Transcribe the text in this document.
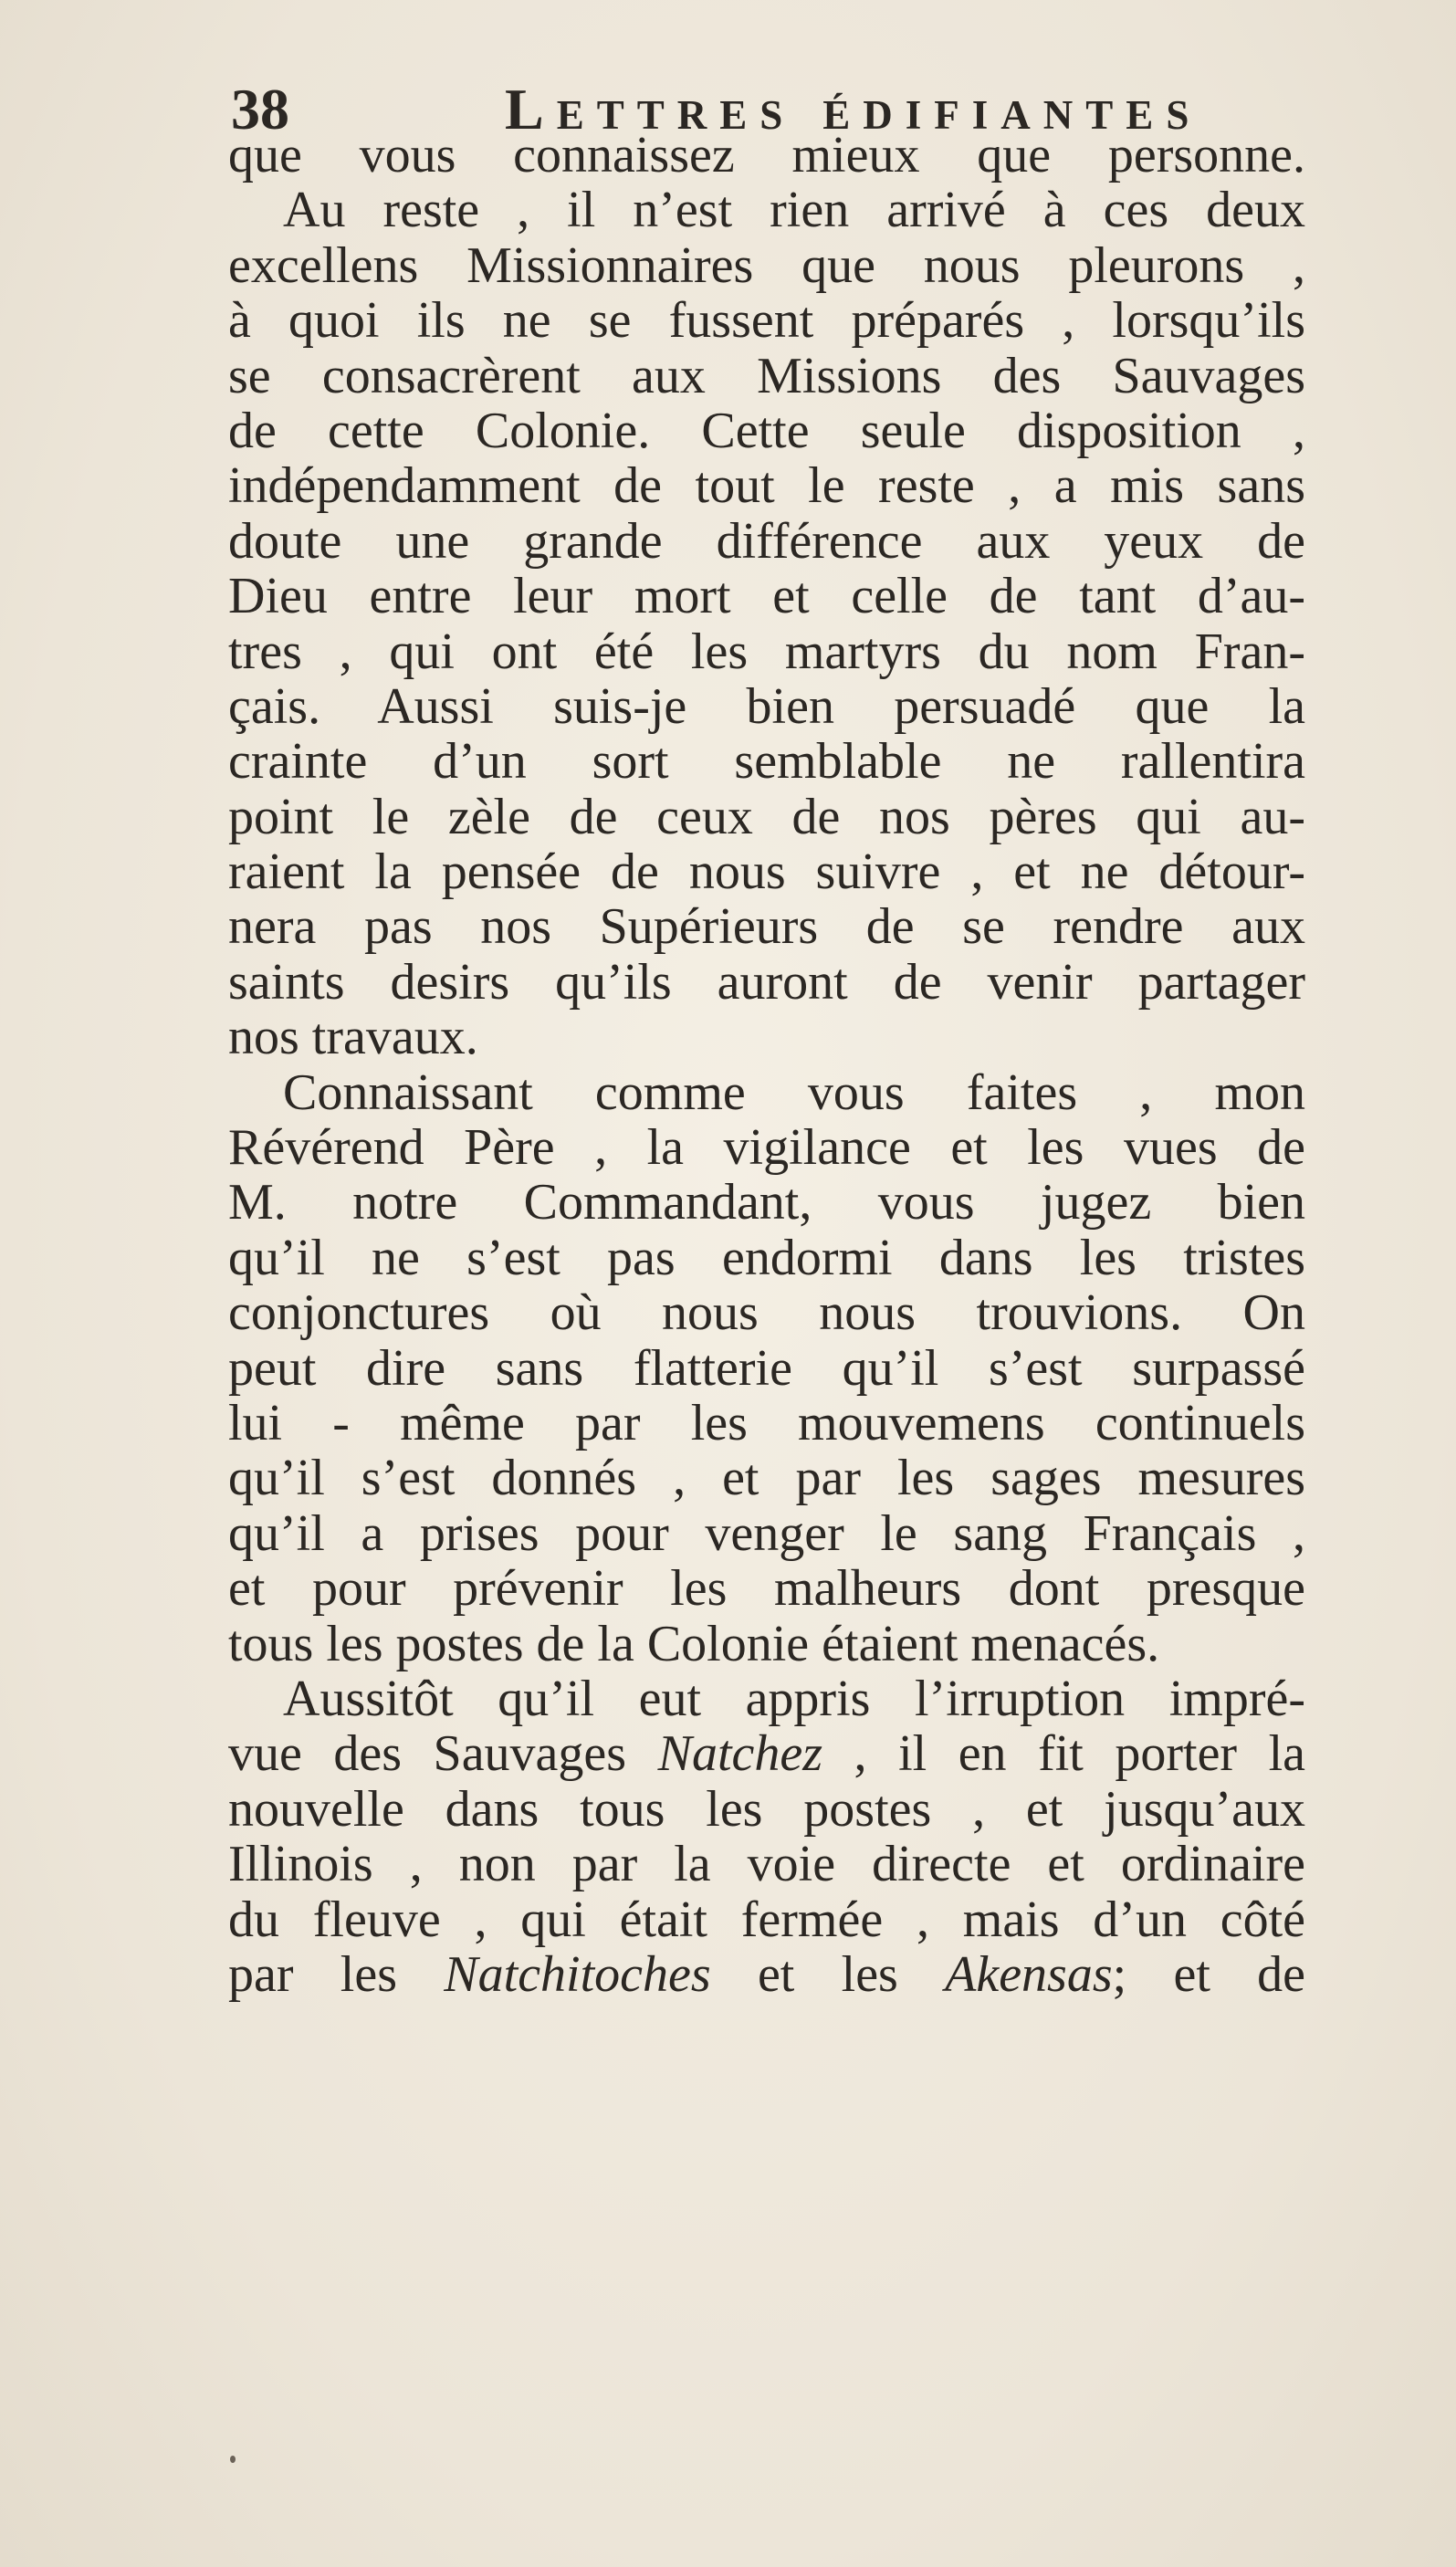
38	Lettres édifiantes
que vous connaissez mieux que personne.
Au reste , il n’est rien arrivé à ces deux
excellens Missionnaires que nous pleurons ,
à quoi ils ne se fussent préparés , lorsqu’ils
se consacrèrent aux Missions des Sauvages
de cette Colonie. Cette seule disposition ,
indépendamment de tout le reste , a mis sans
doute une grande différence aux yeux de
Dieu entre leur mort et celle de tant d’au-
tres , qui ont été les martyrs du nom Fran-
çais. Aussi suis-je bien persuadé que la
crainte d’un sort semblable ne rallentira
point le zèle de ceux de nos pères qui au-
raient la pensée de nous suivre , et ne détour-
nera pas nos Supérieurs de se rendre aux
saints desirs qu’ils auront de venir partager
nos travaux.
Connaissant comme vous faites , mon
Révérend Père , la vigilance et les vues de
M. notre Commandant, vous jugez bien
qu’il ne s’est pas endormi dans les tristes
conjonctures où nous nous trouvions. On
peut dire sans flatterie qu’il s’est surpassé
lui - même par les mouvemens continuels
qu’il s’est donnés , et par les sages mesures
qu’il a prises pour venger le sang Français ,
et pour prévenir les malheurs dont presque
tous les postes de la Colonie étaient menacés.
Aussitôt qu’il eut appris l’irruption impré-
vue des Sauvages Natchez , il en fit porter la
nouvelle dans tous les postes , et jusqu’aux
Illinois , non par la voie directe et ordinaire
du fleuve , qui était fermée , mais d’un côté
par les Natchitoches et les Akensas; et de
